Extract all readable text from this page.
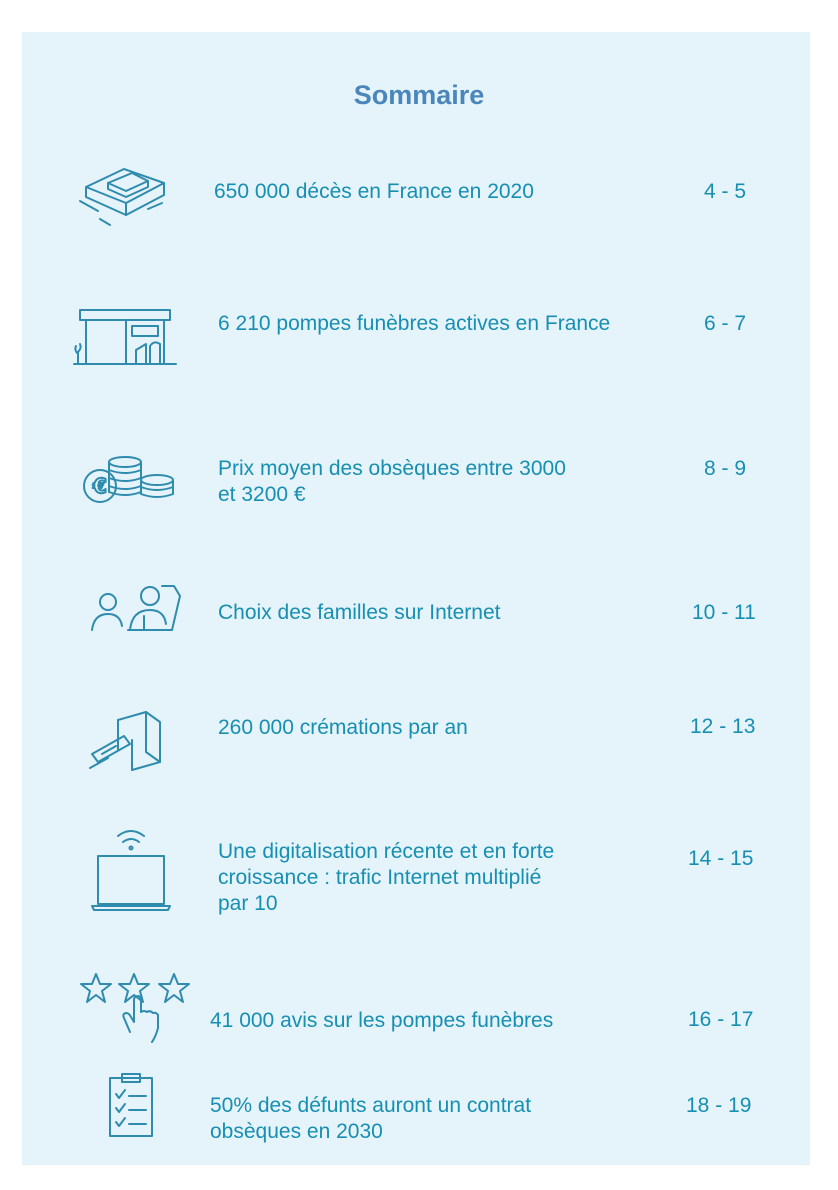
Sommaire
650 000 décès en France en 2020	4 - 5
6 210 pompes funèbres actives en France	6 - 7
€
Prix moyen des obsèques entre 3000
et 3200 €
8 - 9
Choix des familles sur Internet	10 - 11
260 000 crémations par an	12 - 13
Une digitalisation récente et en forte
croissance : trafic Internet multiplié
par 10
14 - 15
41 000 avis sur les pompes funèbres	16 - 17
50% des défunts auront un contrat
obsèques en 2030
18 - 19
